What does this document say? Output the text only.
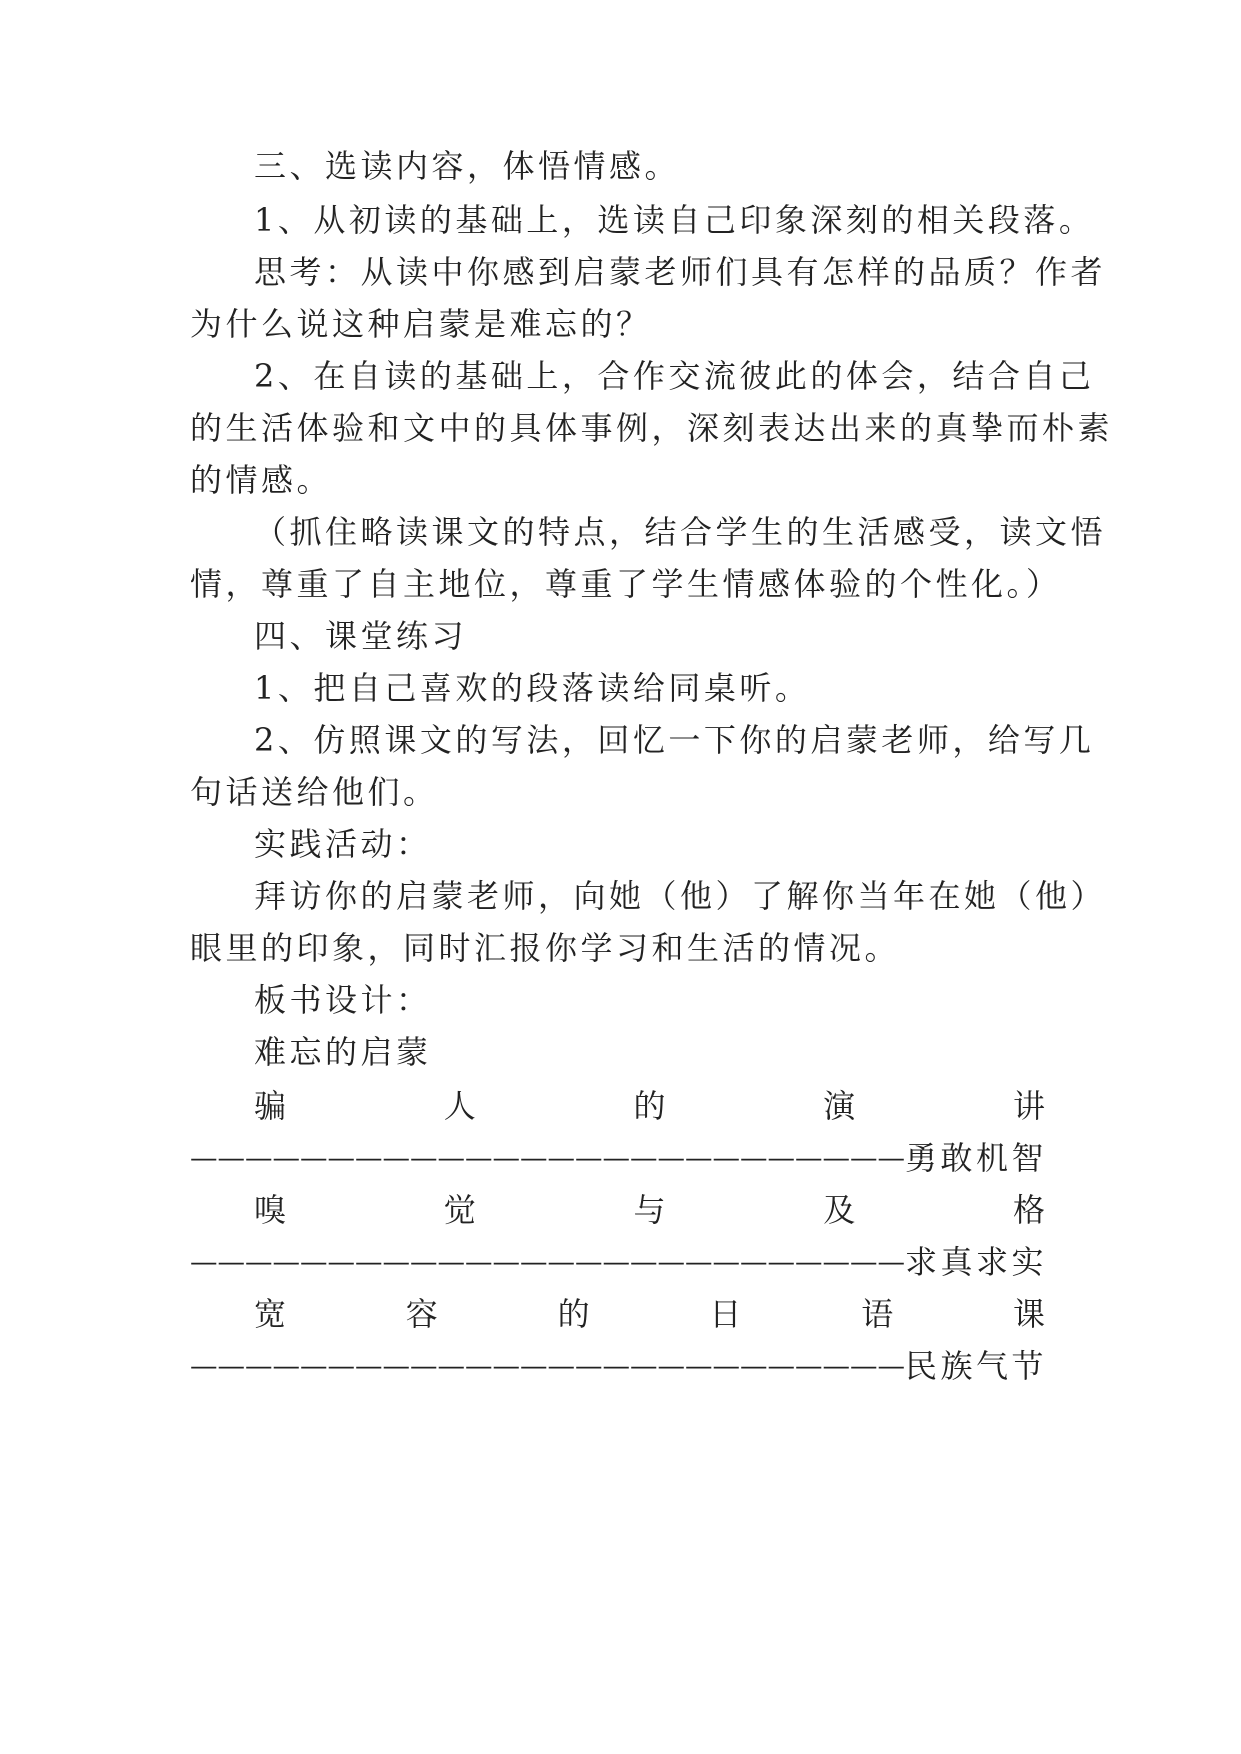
三、选读内容，体悟情感。

1、从初读的基础上，选读自己印象深刻的相关段落。

思考：从读中你感到启蒙老师们具有怎样的品质？作者

为什么说这种启蒙是难忘的？

2、在自读的基础上，合作交流彼此的体会，结合自己

的生活体验和文中的具体事例，深刻表达出来的真挚而朴素

的情感。

（抓住略读课文的特点，结合学生的生活感受，读文悟

情，尊重了自主地位，尊重了学生情感体验的个性化。）

四、课堂练习

1、把自己喜欢的段落读给同桌听。

2、仿照课文的写法，回忆一下你的启蒙老师，给写几

句话送给他们。

实践活动：

拜访你的启蒙老师，向她（他）了解你当年在她（他）

眼里的印象，同时汇报你学习和生活的情况。

板书设计：

难忘的启蒙

骗	人	的	演	讲

——————————————————————————勇敢机智

嗅	觉	与	及	格

——————————————————————————求真求实

宽	容	的	日	语	课

——————————————————————————民族气节
